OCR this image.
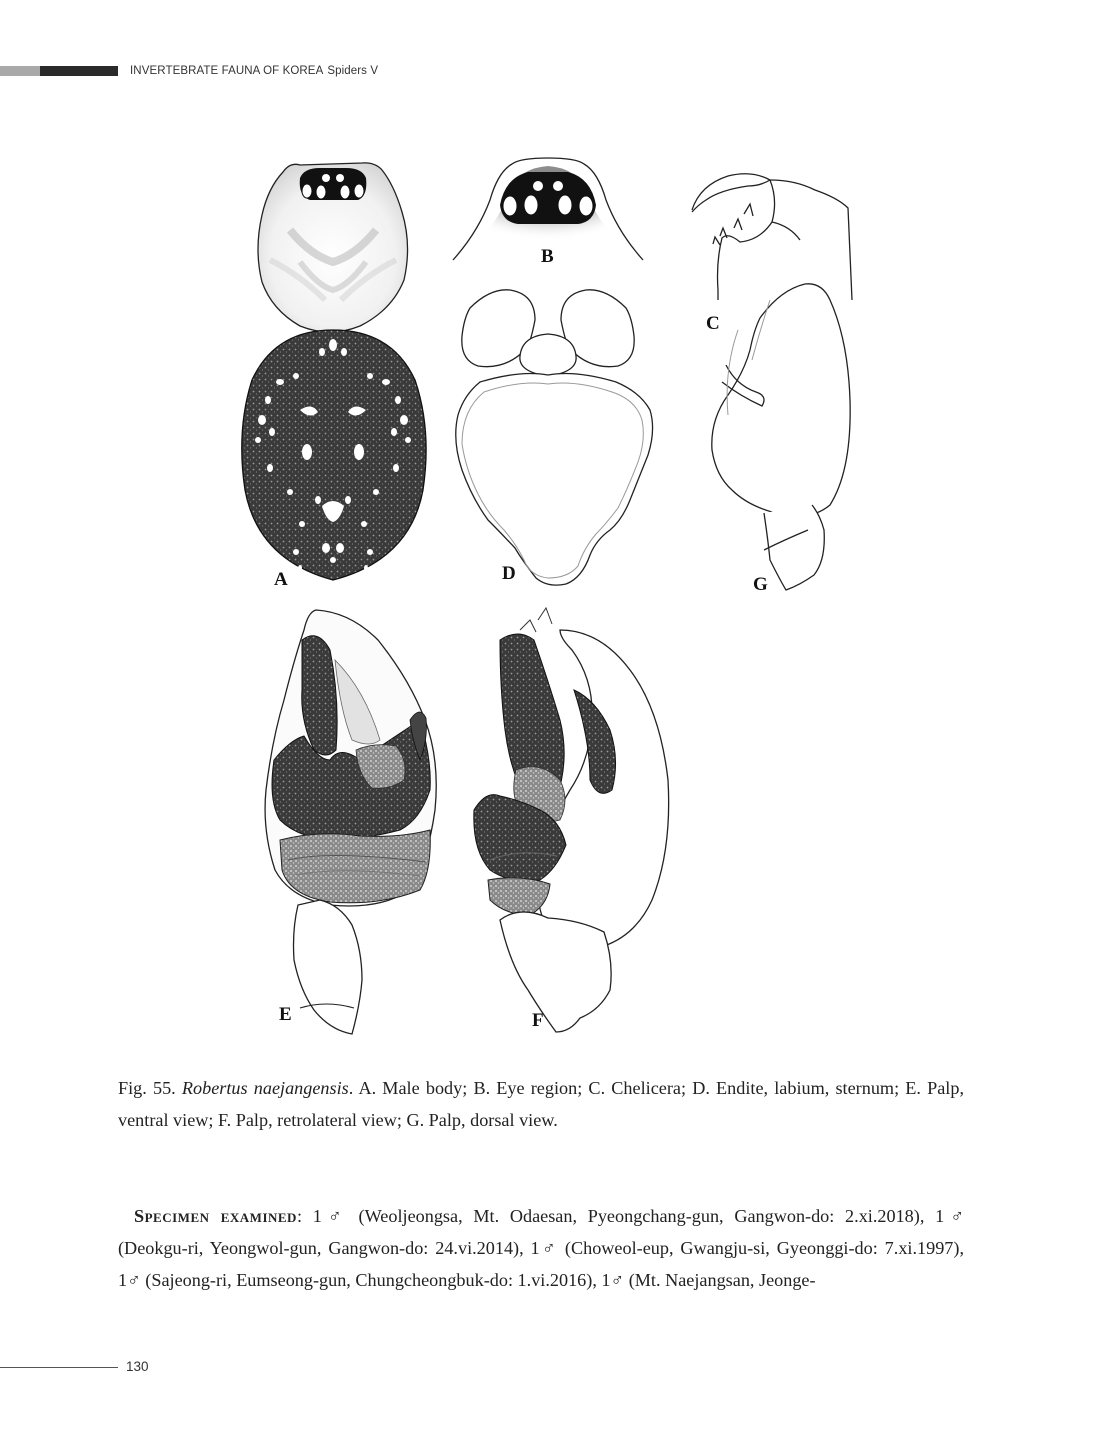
INVERTEBRATE FAUNA OF KOREA Spiders V
A
B
C
D
G
E	F
Fig. 55. Robertus naejangensis. A. Male body; B. Eye region; C. Chelicera; D. Endite, labium, sternum; E. Palp, ventral view; F. Palp, retrolateral view; G. Palp, dorsal view.

Specimen examined: 1♂ (Weoljeongsa, Mt. Odaesan, Pyeongchang-gun, Gangwon-do: 2.xi.2018), 1♂ (Deokgu-ri, Yeongwol-gun, Gangwon-do: 24.vi.2014), 1♂ (Choweol-eup, Gwangju-si, Gyeonggi-do: 7.xi.1997), 1♂ (Sajeong-ri, Eumseong-gun, Chungcheongbuk-do: 1.vi.2016), 1♂ (Mt. Naejangsan, Jeonge-

130
